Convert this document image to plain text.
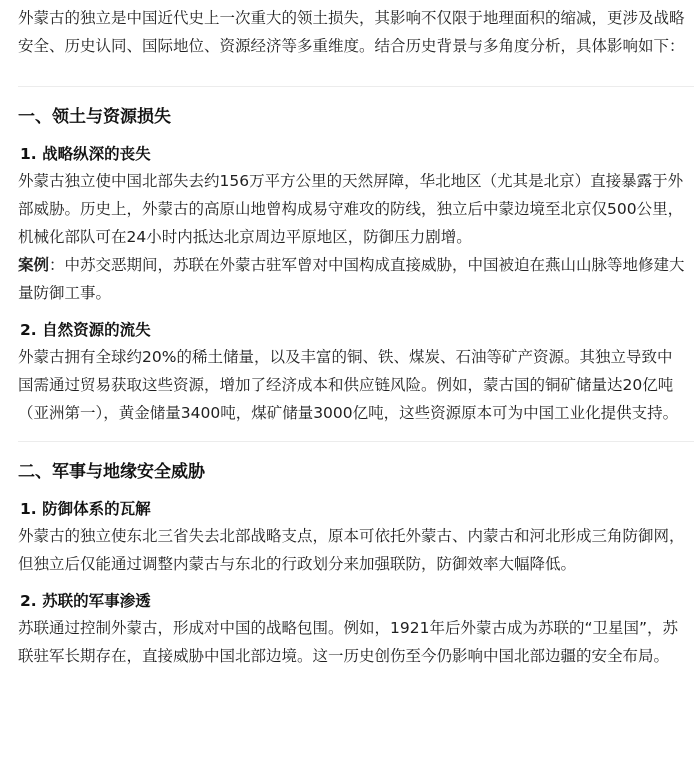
外蒙古的独立是中国近代史上一次重大的领土损失，其影响不仅限于地理面积的缩减，更涉及战略安全、历史认同、国际地位、资源经济等多重维度。结合历史背景与多角度分析，具体影响如下：

一、领土与资源损失
1. 战略纵深的丧失

外蒙古独立使中国北部失去约156万平方公里的天然屏障，华北地区（尤其是北京）直接暴露于外部威胁。历史上，外蒙古的高原山地曾构成易守难攻的防线，独立后中蒙边境至北京仅500公里，机械化部队可在24小时内抵达北京周边平原地区，防御压力剧增。

案例：中苏交恶期间，苏联在外蒙古驻军曾对中国构成直接威胁，中国被迫在燕山山脉等地修建大量防御工事。

2. 自然资源的流失

外蒙古拥有全球约20%的稀土储量，以及丰富的铜、铁、煤炭、石油等矿产资源。其独立导致中国需通过贸易获取这些资源，增加了经济成本和供应链风险。例如，蒙古国的铜矿储量达20亿吨（亚洲第一），黄金储量3400吨，煤矿储量3000亿吨，这些资源原本可为中国工业化提供支持。

二、军事与地缘安全威胁
1. 防御体系的瓦解

外蒙古的独立使东北三省失去北部战略支点，原本可依托外蒙古、内蒙古和河北形成三角防御网，但独立后仅能通过调整内蒙古与东北的行政划分来加强联防，防御效率大幅降低。

2. 苏联的军事渗透

苏联通过控制外蒙古，形成对中国的战略包围。例如，1921年后外蒙古成为苏联的“卫星国”，苏联驻军长期存在，直接威胁中国北部边境。这一历史创伤至今仍影响中国北部边疆的安全布局。
